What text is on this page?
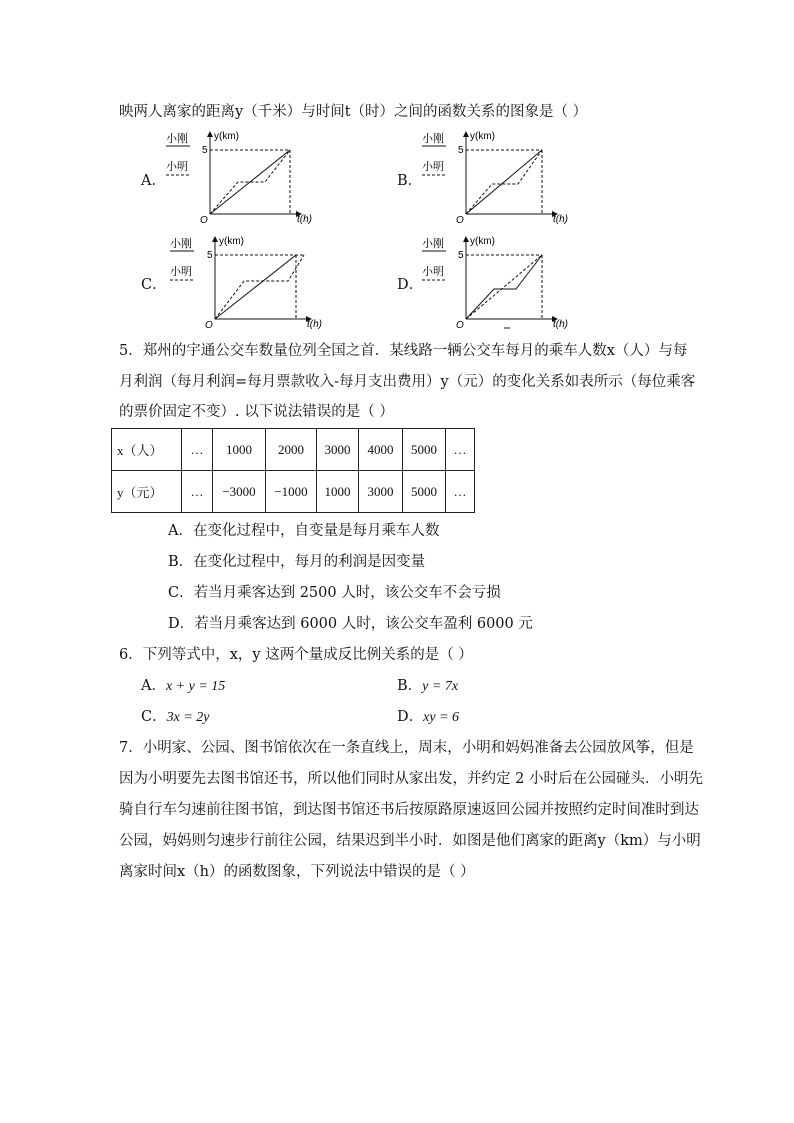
映两人离家的距离y（千米）与时间t（时）之间的函数关系的图象是（ ）
A．
小刚
小明
y(km)
t(h)
O
5
B．
小刚
小明
y(km)
t(h)
O
5
C．
小刚
小明
y(km)
t(h)
O
5
D．
小刚
小明
y(km)
t(h)
O
5
5．郑州的宇通公交车数量位列全国之首．某线路一辆公交车每月的乘车人数x（人）与每
月利润（每月利润=每月票款收入-每月支出费用）y（元）的变化关系如表所示（每位乘客
的票价固定不变）. 以下说法错误的是（ ）
x（人）	…	1000	2000	3000	4000	5000	…
y（元）	…	−3000	−1000	1000	3000	5000	…
A．在变化过程中，自变量是每月乘车人数
B．在变化过程中，每月的利润是因变量
C．若当月乘客达到 2500 人时，该公交车不会亏损
D．若当月乘客达到 6000 人时，该公交车盈利 6000 元
6．下列等式中，x，y 这两个量成反比例关系的是（ ）
A．x + y = 15	B．y = 7x
C．3x = 2y	D．xy = 6
7．小明家、公园、图书馆依次在一条直线上，周末，小明和妈妈准备去公园放风筝，但是
因为小明要先去图书馆还书，所以他们同时从家出发，并约定 2 小时后在公园碰头．小明先
骑自行车匀速前往图书馆，到达图书馆还书后按原路原速返回公园并按照约定时间准时到达
公园，妈妈则匀速步行前往公园，结果迟到半小时．如图是他们离家的距离y（km）与小明
离家时间x（h）的函数图象，下列说法中错误的是（ ）
